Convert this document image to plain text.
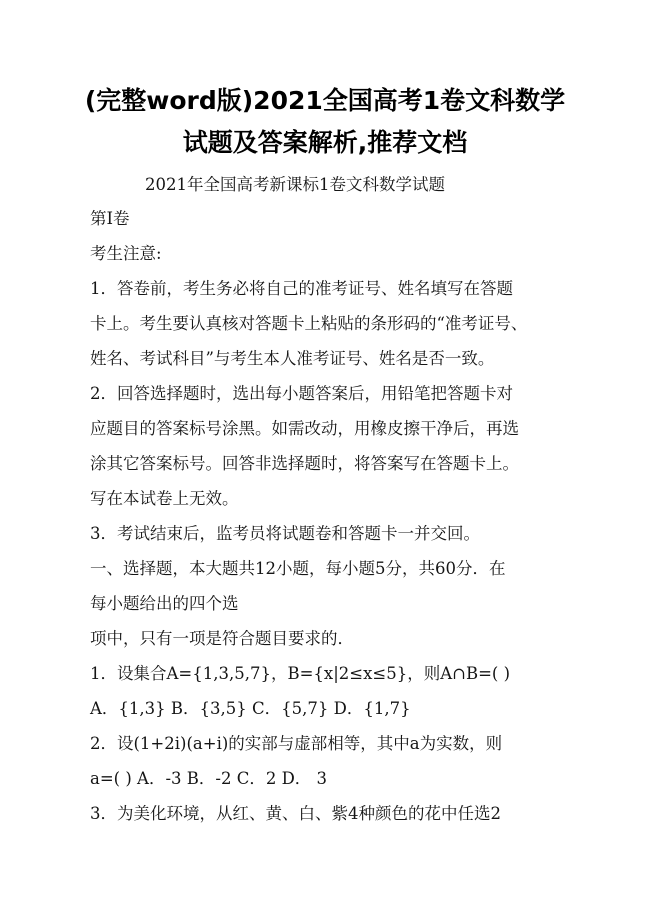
(完整word版)2021全国高考1卷文科数学
试题及答案解析,推荐文档
2021年全国高考新课标1卷文科数学试题
第Ⅰ卷
考生注意:
1．答卷前，考生务必将自己的准考证号、姓名填写在答题
卡上。考生要认真核对答题卡上粘贴的条形码的“准考证号、
姓名、考试科目”与考生本人准考证号、姓名是否一致。
2．回答选择题时，选出每小题答案后，用铅笔把答题卡对
应题目的答案标号涂黑。如需改动，用橡皮擦干净后，再选
涂其它答案标号。回答非选择题时，将答案写在答题卡上。
写在本试卷上无效。
3．考试结束后，监考员将试题卷和答题卡一并交回。
一、选择题，本大题共12小题，每小题5分，共60分．在
每小题给出的四个选
项中，只有一项是符合题目要求的．
1．设集合A={1,3,5,7}，B={x|2≤x≤5}，则A∩B=( )
A．{1,3} B．{3,5} C．{5,7} D．{1,7}
2．设(1+2i)(a+i)的实部与虚部相等，其中a为实数，则
a=( ) A．-3 B．-2 C．2 D． 3
3．为美化环境，从红、黄、白、紫4种颜色的花中任选2
